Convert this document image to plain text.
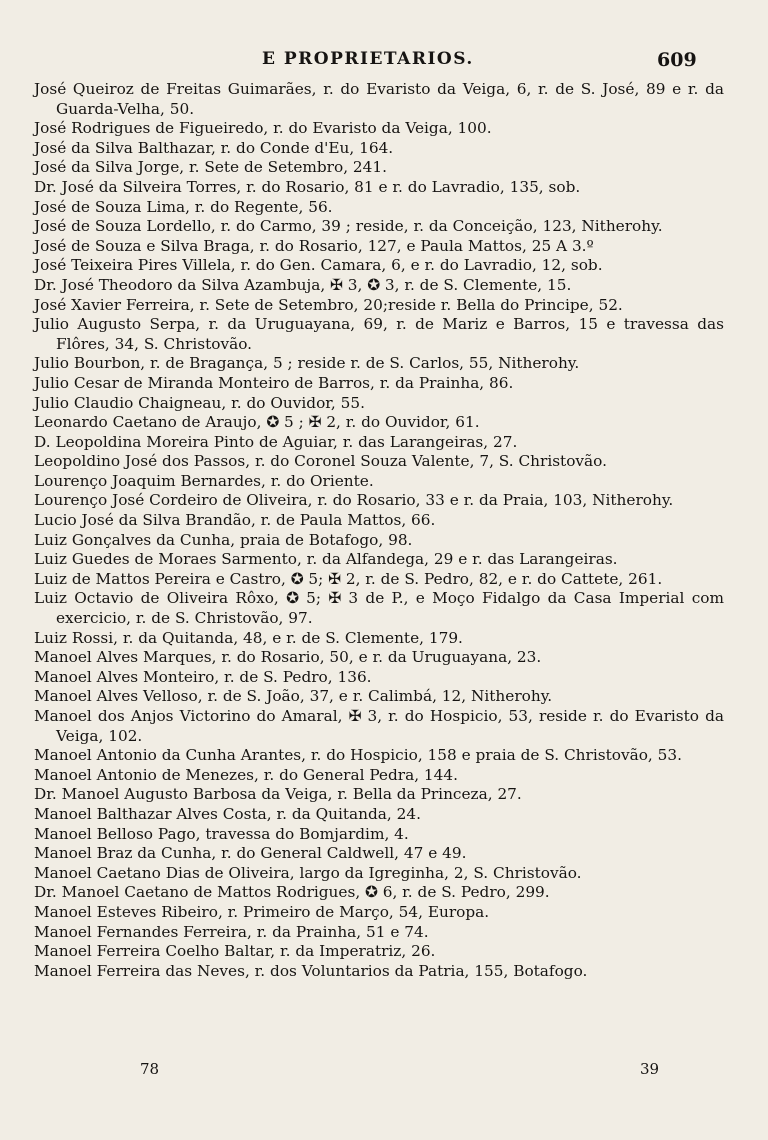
E PROPRIETARIOS.	609
José Queiroz de Freitas Guimarães, r. do Evaristo da Veiga, 6, r. de S. José, 89 e r. da Guarda-Velha, 50.
José Rodrigues de Figueiredo, r. do Evaristo da Veiga, 100.
José da Silva Balthazar, r. do Conde d'Eu, 164.
José da Silva Jorge, r. Sete de Setembro, 241.
Dr. José da Silveira Torres, r. do Rosario, 81 e r. do Lavradio, 135, sob.
José de Souza Lima, r. do Regente, 56.
José de Souza Lordello, r. do Carmo, 39 ; reside, r. da Conceição, 123, Nitherohy.
José de Souza e Silva Braga, r. do Rosario, 127, e Paula Mattos, 25 A 3.º
José Teixeira Pires Villela, r. do Gen. Camara, 6, e r. do Lavradio, 12, sob.
Dr. José Theodoro da Silva Azambuja, ✠ 3, ✪ 3, r. de S. Clemente, 15.
José Xavier Ferreira, r. Sete de Setembro, 20;reside r. Bella do Principe, 52.
Julio Augusto Serpa, r. da Uruguayana, 69, r. de Mariz e Barros, 15 e travessa das Flôres, 34, S. Christovão.
Julio Bourbon, r. de Bragança, 5 ; reside r. de S. Carlos, 55, Nitherohy.
Julio Cesar de Miranda Monteiro de Barros, r. da Prainha, 86.
Julio Claudio Chaigneau, r. do Ouvidor, 55.
Leonardo Caetano de Araujo, ✪ 5 ; ✠ 2, r. do Ouvidor, 61.
D. Leopoldina Moreira Pinto de Aguiar, r. das Larangeiras, 27.
Leopoldino José dos Passos, r. do Coronel Souza Valente, 7, S. Christovão.
Lourenço Joaquim Bernardes, r. do Oriente.
Lourenço José Cordeiro de Oliveira, r. do Rosario, 33 e r. da Praia, 103, Nitherohy.
Lucio José da Silva Brandão, r. de Paula Mattos, 66.
Luiz Gonçalves da Cunha, praia de Botafogo, 98.
Luiz Guedes de Moraes Sarmento, r. da Alfandega, 29 e r. das Larangeiras.
Luiz de Mattos Pereira e Castro, ✪ 5; ✠ 2, r. de S. Pedro, 82, e r. do Cattete, 261.
Luiz Octavio de Oliveira Rôxo, ✪ 5; ✠ 3 de P., e Moço Fidalgo da Casa Imperial com exercicio, r. de S. Christovão, 97.
Luiz Rossi, r. da Quitanda, 48, e r. de S. Clemente, 179.
Manoel Alves Marques, r. do Rosario, 50, e r. da Uruguayana, 23.
Manoel Alves Monteiro, r. de S. Pedro, 136.
Manoel Alves Velloso, r. de S. João, 37, e r. Calimbá, 12, Nitherohy.
Manoel dos Anjos Victorino do Amaral, ✠ 3, r. do Hospicio, 53, reside r. do Evaristo da Veiga, 102.
Manoel Antonio da Cunha Arantes, r. do Hospicio, 158 e praia de S. Christovão, 53.
Manoel Antonio de Menezes, r. do General Pedra, 144.
Dr. Manoel Augusto Barbosa da Veiga, r. Bella da Princeza, 27.
Manoel Balthazar Alves Costa, r. da Quitanda, 24.
Manoel Belloso Pago, travessa do Bomjardim, 4.
Manoel Braz da Cunha, r. do General Caldwell, 47 e 49.
Manoel Caetano Dias de Oliveira, largo da Igreginha, 2, S. Christovão.
Dr. Manoel Caetano de Mattos Rodrigues, ✪ 6, r. de S. Pedro, 299.
Manoel Esteves Ribeiro, r. Primeiro de Março, 54, Europa.
Manoel Fernandes Ferreira, r. da Prainha, 51 e 74.
Manoel Ferreira Coelho Baltar, r. da Imperatriz, 26.
Manoel Ferreira das Neves, r. dos Voluntarios da Patria, 155, Botafogo.
78	39
